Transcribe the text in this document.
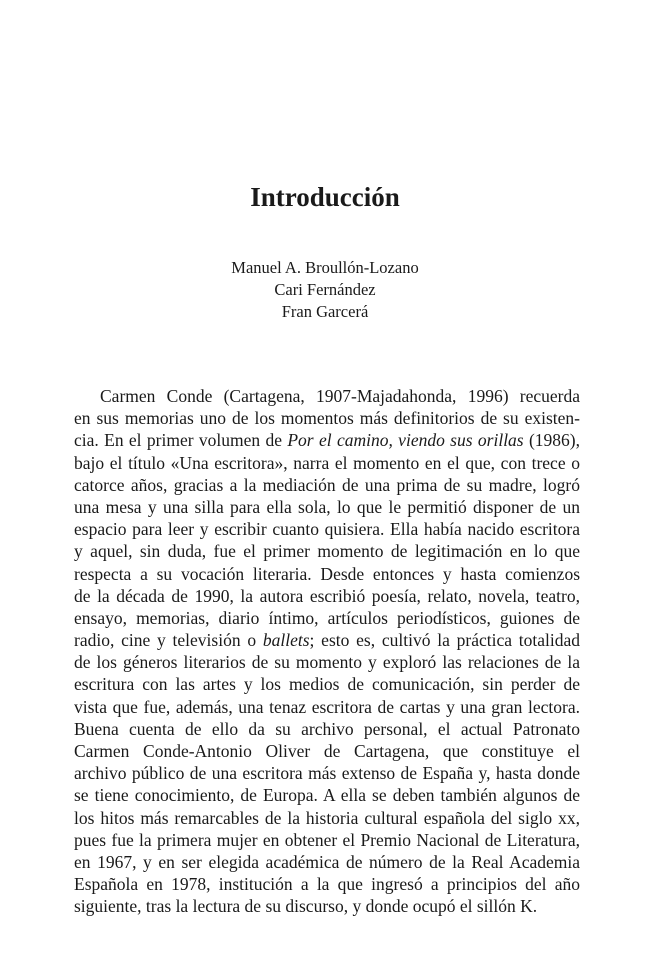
Introducción
Manuel A. Broullón-Lozano
Cari Fernández
Fran Garcerá
Carmen Conde (Cartagena, 1907-Majadahonda, 1996) recuerda
en sus memorias uno de los momentos más definitorios de su existen-
cia. En el primer volumen de Por el camino, viendo sus orillas (1986),
bajo el título «Una escritora», narra el momento en el que, con trece o
catorce años, gracias a la mediación de una prima de su madre, logró
una mesa y una silla para ella sola, lo que le permitió disponer de un
espacio para leer y escribir cuanto quisiera. Ella había nacido escritora
y aquel, sin duda, fue el primer momento de legitimación en lo que
respecta a su vocación literaria. Desde entonces y hasta comienzos
de la década de 1990, la autora escribió poesía, relato, novela, teatro,
ensayo, memorias, diario íntimo, artículos periodísticos, guiones de
radio, cine y televisión o ballets; esto es, cultivó la práctica totalidad
de los géneros literarios de su momento y exploró las relaciones de la
escritura con las artes y los medios de comunicación, sin perder de
vista que fue, además, una tenaz escritora de cartas y una gran lectora.
Buena cuenta de ello da su archivo personal, el actual Patronato
Carmen Conde-Antonio Oliver de Cartagena, que constituye el
archivo público de una escritora más extenso de España y, hasta donde
se tiene conocimiento, de Europa. A ella se deben también algunos de
los hitos más remarcables de la historia cultural española del siglo xx,
pues fue la primera mujer en obtener el Premio Nacional de Literatura,
en 1967, y en ser elegida académica de número de la Real Academia
Española en 1978, institución a la que ingresó a principios del año
siguiente, tras la lectura de su discurso, y donde ocupó el sillón K.
